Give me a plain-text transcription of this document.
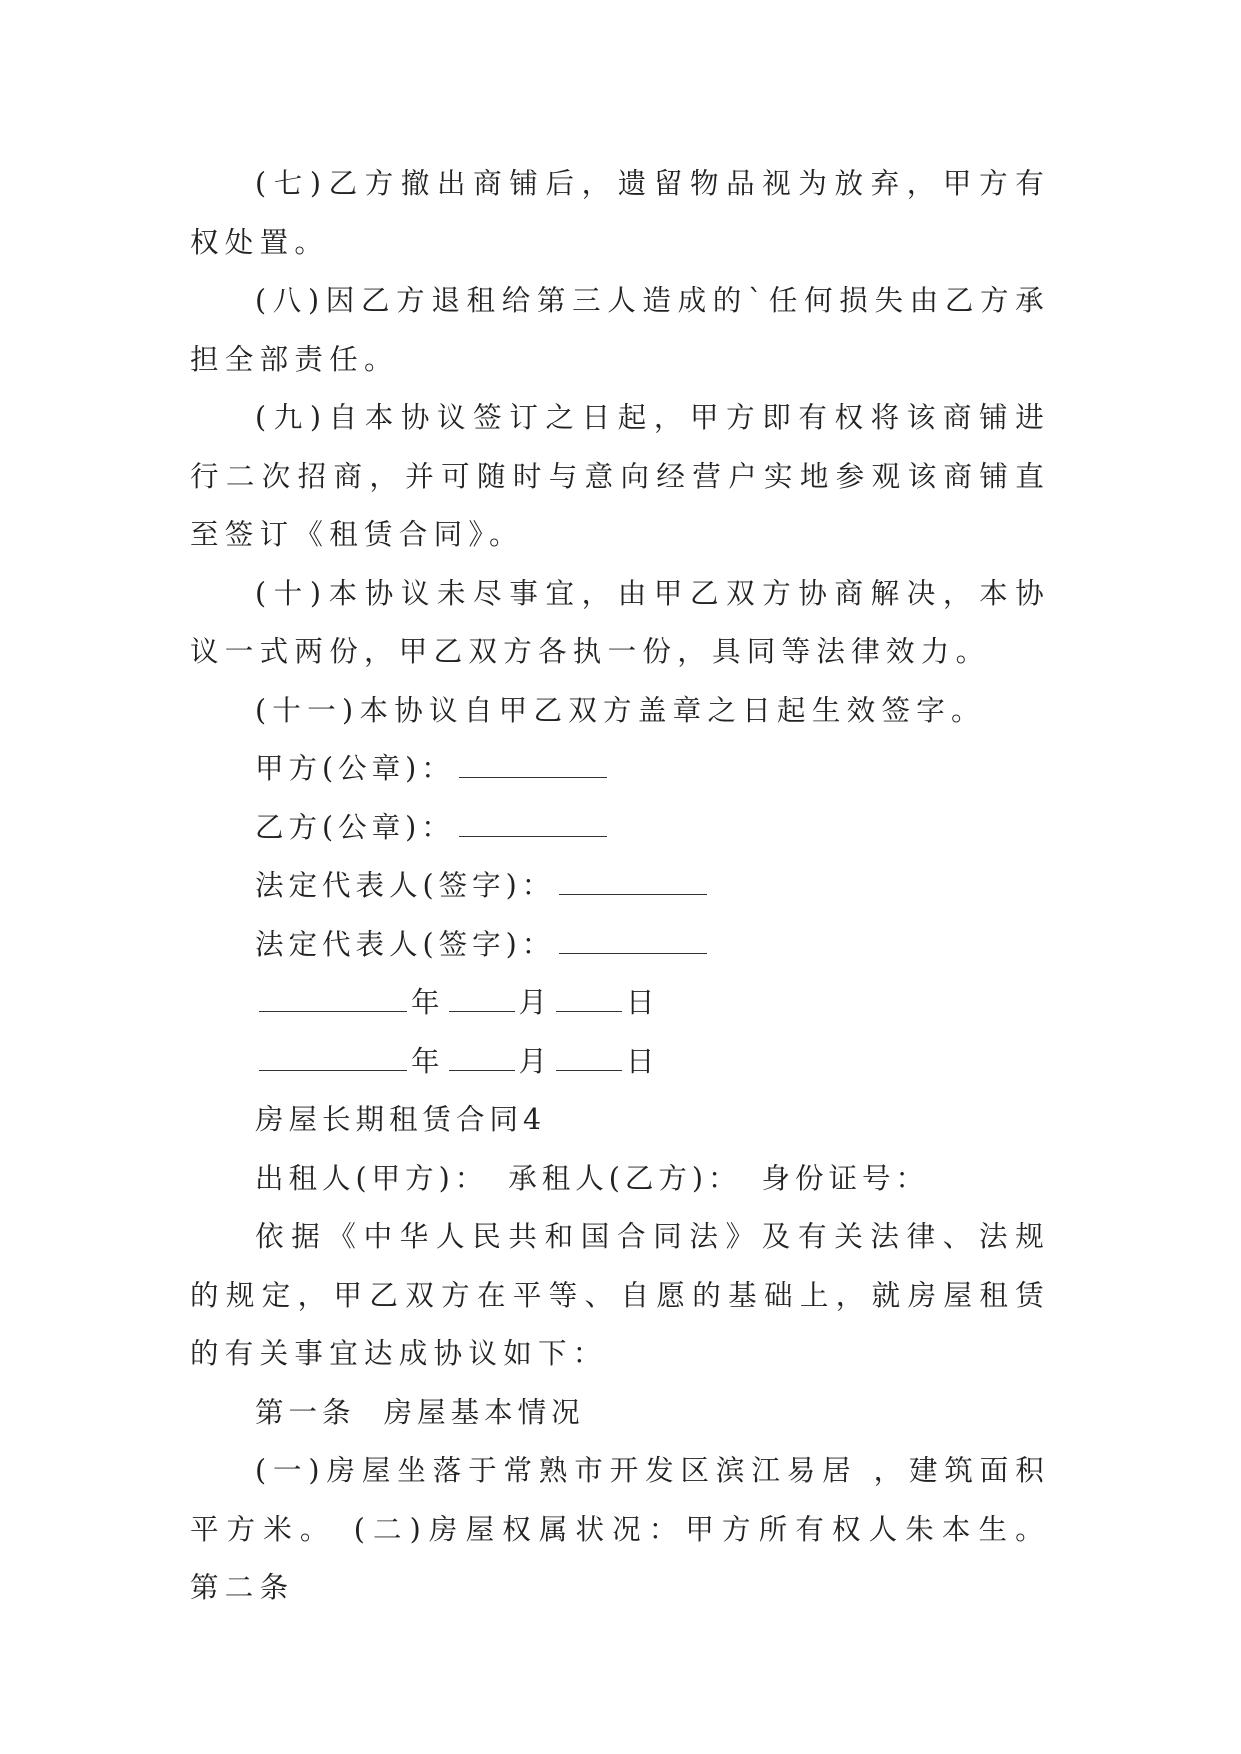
(七)乙方撤出商铺后，遗留物品视为放弃，甲方有权处置。

(八)因乙方退租给第三人造成的`任何损失由乙方承担全部责任。

(九)自本协议签订之日起，甲方即有权将该商铺进行二次招商，并可随时与意向经营户实地参观该商铺直至签订《租赁合同》。

(十)本协议未尽事宜，由甲乙双方协商解决，本协议一式两份，甲乙双方各执一份，具同等法律效力。

(十一)本协议自甲乙双方盖章之日起生效签字。

甲方(公章)：
乙方(公章)：
法定代表人(签字)：
法定代表人(签字)：
年	月	日
年	月	日
房屋长期租赁合同4
出租人(甲方)： 承租人(乙方)： 身份证号：

依据《中华人民共和国合同法》及有关法律、法规的规定，甲乙双方在平等、自愿的基础上，就房屋租赁的有关事宜达成协议如下：

第一条  房屋基本情况

(一)房屋坐落于常熟市开发区滨江易居 ，建筑面积 平方米。 (二)房屋权属状况：甲方所有权人朱本生。 第二条
